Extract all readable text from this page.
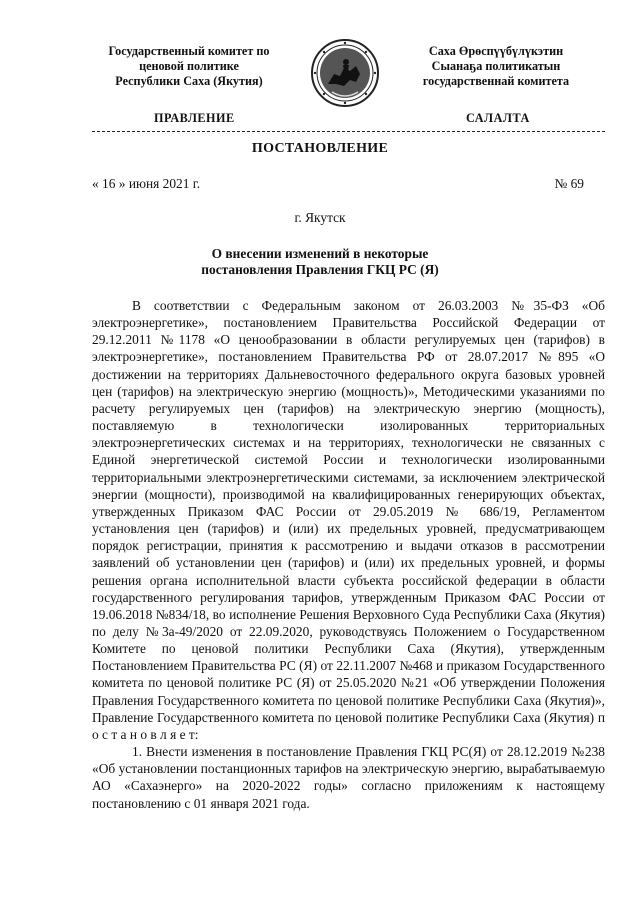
Государственный комитет по
ценовой политике
Республики Саха (Якутия)
Саха Өрөспүүбүлүкэтин
Сыанаҕа политикатын
государственнай комитета
ПРАВЛЕНИЕ	САЛАЛТА
ПОСТАНОВЛЕНИЕ
« 16 » июня 2021 г.	№ 69
г. Якутск
О внесении изменений в некоторые
постановления Правления ГКЦ РС (Я)

В соответствии с Федеральным законом от 26.03.2003 №35-ФЗ «Об электроэнергетике», постановлением Правительства Российской Федерации от 29.12.2011 №1178 «О ценообразовании в области регулируемых цен (тарифов) в электроэнергетике», постановлением Правительства РФ от 28.07.2017 №895 «О достижении на территориях Дальневосточного федерального округа базовых уровней цен (тарифов) на электрическую энергию (мощность)», Методическими указаниями по расчету регулируемых цен (тарифов) на электрическую энергию (мощность), поставляемую в технологически изолированных территориальных электроэнергетических системах и на территориях, технологически не связанных с Единой энергетической системой России и технологически изолированными территориальными электроэнергетическими системами, за исключением электрической энергии (мощности), производимой на квалифицированных генерирующих объектах, утвержденных Приказом ФАС России от 29.05.2019 № 686/19, Регламентом установления цен (тарифов) и (или) их предельных уровней, предусматривающем порядок регистрации, принятия к рассмотрению и выдачи отказов в рассмотрении заявлений об установлении цен (тарифов) и (или) их предельных уровней, и формы решения органа исполнительной власти субъекта российской федерации в области государственного регулирования тарифов, утвержденным Приказом ФАС России от 19.06.2018 №834/18, во исполнение Решения Верховного Суда Республики Саха (Якутия) по делу №3а-49/2020 от 22.09.2020, руководствуясь Положением о Государственном Комитете по ценовой политики Республики Саха (Якутия), утвержденным Постановлением Правительства РС (Я) от 22.11.2007 №468 и приказом Государственного комитета по ценовой политике РС (Я) от 25.05.2020 №21 «Об утверждении Положения Правления Государственного комитета по ценовой политике Республики Саха (Якутия)», Правление Государственного комитета по ценовой политике Республики Саха (Якутия) п о с т а н о в л я е т:

1. Внести изменения в постановление Правления ГКЦ РС(Я) от 28.12.2019 №238 «Об установлении постанционных тарифов на электрическую энергию, вырабатываемую АО «Сахаэнерго» на 2020-2022 годы» согласно приложениям к настоящему постановлению с 01 января 2021 года.
